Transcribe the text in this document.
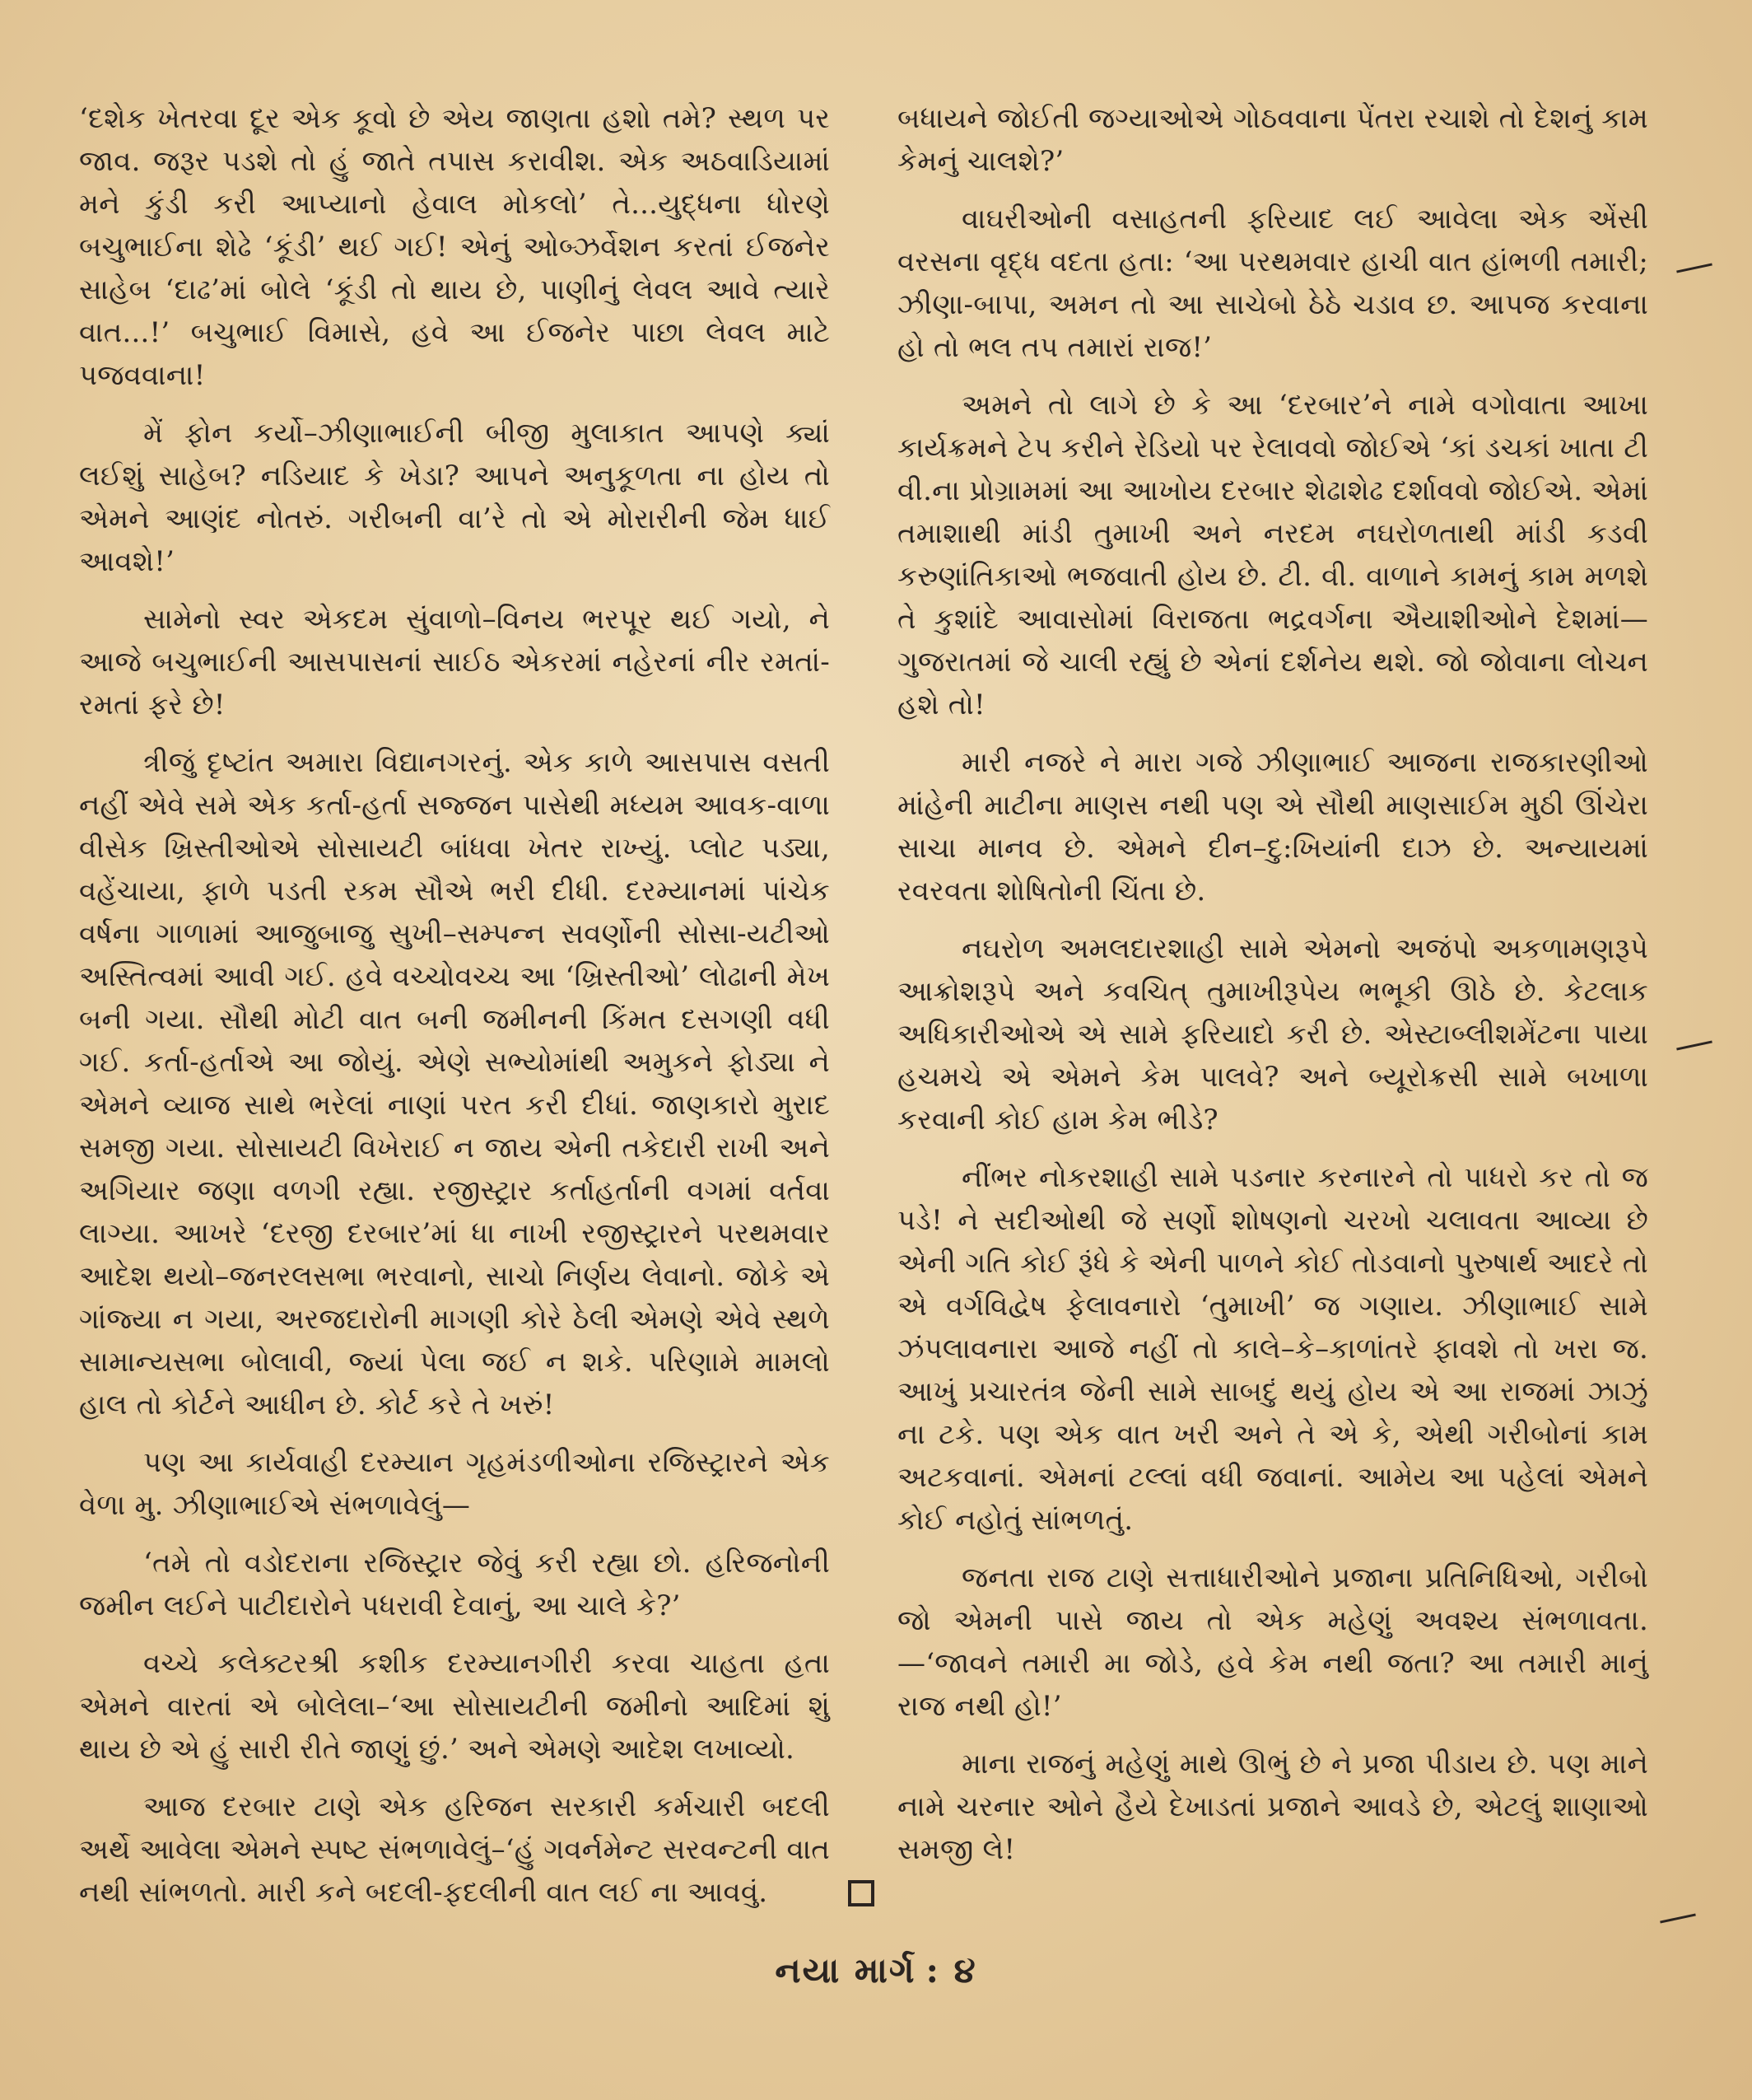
‘દશેક ખેતરવા દૂર એક કૂવો છે એય જાણતા હશો તમે? સ્થળ પર જાવ. જરૂર પડશે તો હું જાતે તપાસ કરાવીશ. એક અઠવાડિયામાં મને કુંડી કરી આપ્યાનો હેવાલ મોકલો’ તે...યુદ્ધના ધોરણે બચુભાઈના શેઢે ‘કૂંડી’ થઈ ગઈ! એનું ઓબ્ઝર્વેશન કરતાં ઈજનેર સાહેબ ‘દાઢ’માં બોલે ‘કૂંડી તો થાય છે, પાણીનું લેવલ આવે ત્યારે વાત...!’ બચુભાઈ વિમાસે, હવે આ ઈજનેર પાછા લેવલ માટે પજવવાના!

મેં ફોન કર્યો–ઝીણાભાઈની બીજી મુલાકાત આપણે ક્યાં લઈશું સાહેબ? નડિયાદ કે ખેડા? આપને અનુકૂળતા ના હોય તો એમને આણંદ નોતરું. ગરીબની વા’રે તો એ મોરારીની જેમ ધાઈ આવશે!’

સામેનો સ્વર એકદમ સુંવાળો–વિનય ભરપૂર થઈ ગયો, ને આજે બચુભાઈની આસપાસનાં સાઈઠ એકરમાં નહેરનાં નીર રમતાં-રમતાં ફરે છે!

ત્રીજું દૃષ્ટાંત અમારા વિદ્યાનગરનું. એક કાળે આસપાસ વસતી નહીં એવે સમે એક કર્તા-હર્તા સજ્જન પાસેથી મધ્યમ આવક-વાળા વીસેક ખ્રિસ્તીઓએ સોસાયટી બાંધવા ખેતર રાખ્યું. પ્લોટ પડ્યા, વહેંચાયા, ફાળે પડતી રકમ સૌએ ભરી દીધી. દરમ્યાનમાં પાંચેક વર્ષના ગાળામાં આજુબાજુ સુખી–સમ્પન્ન સવર્ણોની સોસા-યટીઓ અસ્તિત્વમાં આવી ગઈ. હવે વચ્ચોવચ્ચ આ ‘ખ્રિસ્તીઓ’ લોઢાની મેખ બની ગયા. સૌથી મોટી વાત બની જમીનની કિંમત દસગણી વધી ગઈ. કર્તા-હર્તાએ આ જોયું. એણે સભ્યોમાંથી અમુકને ફોડ્યા ને એમને વ્યાજ સાથે ભરેલાં નાણાં પરત કરી દીધાં. જાણકારો મુરાદ સમજી ગયા. સોસાયટી વિખેરાઈ ન જાય એની તકેદારી રાખી અને અગિયાર જણા વળગી રહ્યા. રજીસ્ટ્રાર કર્તાહર્તાની વગમાં વર્તવા લાગ્યા. આખરે ‘દરજી દરબાર’માં ધા નાખી રજીસ્ટ્રારને પરથમવાર આદેશ થયો–જનરલસભા ભરવાનો, સાચો નિર્ણય લેવાનો. જોકે એ ગાંજ્યા ન ગયા, અરજદારોની માગણી કોરે ઠેલી એમણે એવે સ્થળે સામાન્યસભા બોલાવી, જ્યાં પેલા જઈ ન શકે. પરિણામે મામલો હાલ તો કોર્ટને આધીન છે. કોર્ટ કરે તે ખરું!

પણ આ કાર્યવાહી દરમ્યાન ગૃહમંડળીઓના રજિસ્ટ્રારને એક વેળા મુ. ઝીણાભાઈએ સંભળાવેલું—

‘તમે તો વડોદરાના રજિસ્ટ્રાર જેવું કરી રહ્યા છો. હરિજનોની જમીન લઈને પાટીદારોને પધરાવી દેવાનું, આ ચાલે કે?’

વચ્ચે કલેક્ટરશ્રી કશીક દરમ્યાનગીરી કરવા ચાહતા હતા એમને વારતાં એ બોલેલા–‘આ સોસાયટીની જમીનો આદિમાં શું થાય છે એ હું સારી રીતે જાણું છું.’ અને એમણે આદેશ લખાવ્યો.

આજ દરબાર ટાણે એક હરિજન સરકારી કર્મચારી બદલી અર્થે આવેલા એમને સ્પષ્ટ સંભળાવેલું–‘હું ગવર્નમેન્ટ સરવન્ટની વાત નથી સાંભળતો. મારી કને બદલી-ફદલીની વાત લઈ ના આવવું.

બધાયને જોઈતી જગ્યાઓએ ગોઠવવાના પેંતરા રચાશે તો દેશનું કામ કેમનું ચાલશે?’

વાઘરીઓની વસાહતની ફરિયાદ લઈ આવેલા એક એંસી વરસના વૃદ્ધ વદતા હતા: ‘આ પરથમવાર હાચી વાત હાંભળી તમારી; ઝીણા-બાપા, અમન તો આ સાચેબો ઠેઠે ચડાવ છ. આપજ કરવાના હો તો ભલ તપ તમારાં રાજ!’

અમને તો લાગે છે કે આ ‘દરબાર’ને નામે વગોવાતા આખા કાર્યક્રમને ટેપ કરીને રેડિયો પર રેલાવવો જોઈએ ‘કાં ડચકાં ખાતા ટી વી.ના પ્રોગ્રામમાં આ આખોય દરબાર શેઢાશેઢ દર્શાવવો જોઈએ. એમાં તમાશાથી માંડી તુમાખી અને નરદમ નઘરોળતાથી માંડી કડવી કરુણાંતિકાઓ ભજવાતી હોય છે. ટી. વી. વાળાને કામનું કામ મળશે તે કુશાંદે આવાસોમાં વિરાજતા ભદ્રવર્ગના ઐયાશીઓને દેશમાં—ગુજરાતમાં જે ચાલી રહ્યું છે એનાં દર્શનેય થશે. જો જોવાના લોચન હશે તો!

મારી નજરે ને મારા ગજે ઝીણાભાઈ આજના રાજકારણીઓ માંહેની માટીના માણસ નથી પણ એ સૌથી માણસાઈમ મુઠી ઊંચેરા સાચા માનવ છે. એમને દીન–દુ:ખિયાંની દાઝ છે. અન્યાયમાં રવરવતા શોષિતોની ચિંતા છે.

નઘરોળ અમલદારશાહી સામે એમનો અજંપો અકળામણરૂપે આક્રોશરૂપે અને કવચિત્ તુમાખીરૂપેય ભભૂકી ઊઠે છે. કેટલાક અધિકારીઓએ એ સામે ફરિયાદો કરી છે. એસ્ટાબ્લીશમેંટના પાયા હચમચે એ એમને કેમ પાલવે? અને બ્યૂરોક્રસી સામે બખાળા કરવાની કોઈ હામ કેમ ભીડે?

નીંભર નોકરશાહી સામે પડનાર કરનારને તો પાધરો કર તો જ પડે! ને સદીઓથી જે સર્ણો શોષણનો ચરખો ચલાવતા આવ્યા છે એની ગતિ કોઈ રૂંધે કે એની પાળને કોઈ તોડવાનો પુરુષાર્થ આદરે તો એ વર્ગવિદ્વેષ ફેલાવનારો ‘તુમાખી’ જ ગણાય. ઝીણાભાઈ સામે ઝંપલાવનારા આજે નહીં તો કાલે–કે–કાળાંતરે ફાવશે તો ખરા જ. આખું પ્રચારતંત્ર જેની સામે સાબદું થયું હોય એ આ રાજમાં ઝાઝું ના ટકે. પણ એક વાત ખરી અને તે એ કે, એથી ગરીબોનાં કામ અટકવાનાં. એમનાં ટલ્લાં વધી જવાનાં. આમેય આ પહેલાં એમને કોઈ નહોતું સાંભળતું.

જનતા રાજ ટાણે સત્તાધારીઓને પ્રજાના પ્રતિનિધિઓ, ગરીબો જો એમની પાસે જાય તો એક મહેણું અવશ્ય સંભળાવતા.—‘જાવને તમારી મા જોડે, હવે કેમ નથી જતા? આ તમારી માનું રાજ નથી હો!’

માના રાજનું મહેણું માથે ઊભું છે ને પ્રજા પીડાય છે. પણ માને નામે ચરનાર ઓને હૈયે દેખાડતાં પ્રજાને આવડે છે, એટલું શાણાઓ સમજી લે!

નયા માર્ગ : ૪
